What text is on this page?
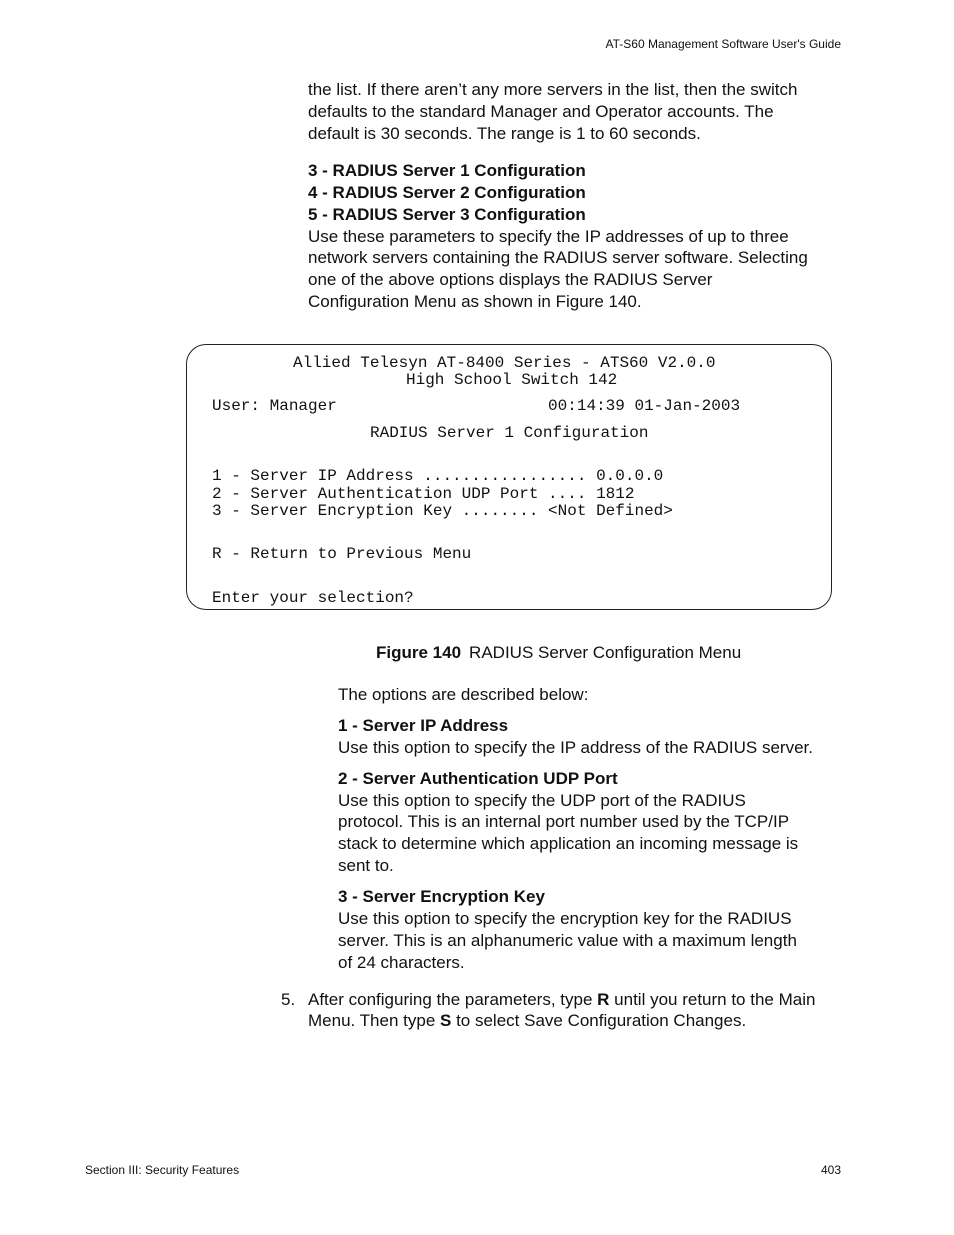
AT-S60 Management Software User's Guide
the list. If there aren’t any more servers in the list, then the switch
defaults to the standard Manager and Operator accounts. The
default is 30 seconds. The range is 1 to 60 seconds.
3 - RADIUS Server 1 Configuration
4 - RADIUS Server 2 Configuration
5 - RADIUS Server 3 Configuration
Use these parameters to specify the IP addresses of up to three
network servers containing the RADIUS server software. Selecting
one of the above options displays the RADIUS Server
Configuration Menu as shown in Figure 140.
Allied Telesyn AT-8400 Series - ATS60 V2.0.0
High School Switch 142
User: Manager                      00:14:39 01-Jan-2003
RADIUS Server 1 Configuration
1 - Server IP Address ................. 0.0.0.0
2 - Server Authentication UDP Port .... 1812
3 - Server Encryption Key ........ <Not Defined>
R - Return to Previous Menu
Enter your selection?
Figure 140 RADIUS Server Configuration Menu
The options are described below:
1 - Server IP Address
Use this option to specify the IP address of the RADIUS server.
2 - Server Authentication UDP Port
Use this option to specify the UDP port of the RADIUS
protocol. This is an internal port number used by the TCP/IP
stack to determine which application an incoming message is
sent to.
3 - Server Encryption Key
Use this option to specify the encryption key for the RADIUS
server. This is an alphanumeric value with a maximum length
of 24 characters.
5. After configuring the parameters, type R until you return to the Main
Menu. Then type S to select Save Configuration Changes.
Section III: Security Features	403
